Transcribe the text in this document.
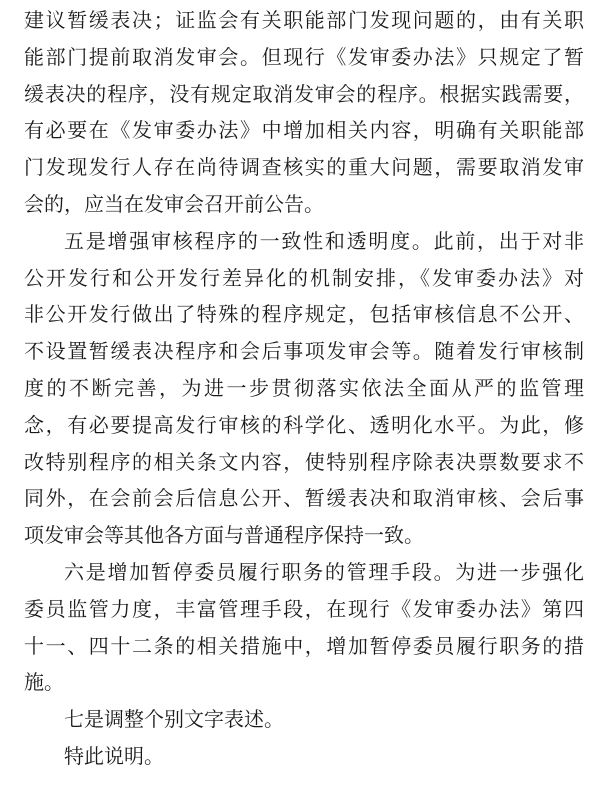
建议暂缓表决；证监会有关职能部门发现问题的，由有关职
能部门提前取消发审会。但现行《发审委办法》只规定了暂
缓表决的程序，没有规定取消发审会的程序。根据实践需要，
有必要在《发审委办法》中增加相关内容，明确有关职能部
门发现发行人存在尚待调查核实的重大问题，需要取消发审
会的，应当在发审会召开前公告。
五是增强审核程序的一致性和透明度。此前，出于对非
公开发行和公开发行差异化的机制安排，《发审委办法》对
非公开发行做出了特殊的程序规定，包括审核信息不公开、
不设置暂缓表决程序和会后事项发审会等。随着发行审核制
度的不断完善，为进一步贯彻落实依法全面从严的监管理
念，有必要提高发行审核的科学化、透明化水平。为此，修
改特别程序的相关条文内容，使特别程序除表决票数要求不
同外，在会前会后信息公开、暂缓表决和取消审核、会后事
项发审会等其他各方面与普通程序保持一致。
六是增加暂停委员履行职务的管理手段。为进一步强化
委员监管力度，丰富管理手段，在现行《发审委办法》第四
十一、四十二条的相关措施中，增加暂停委员履行职务的措
施。
七是调整个别文字表述。
特此说明。
